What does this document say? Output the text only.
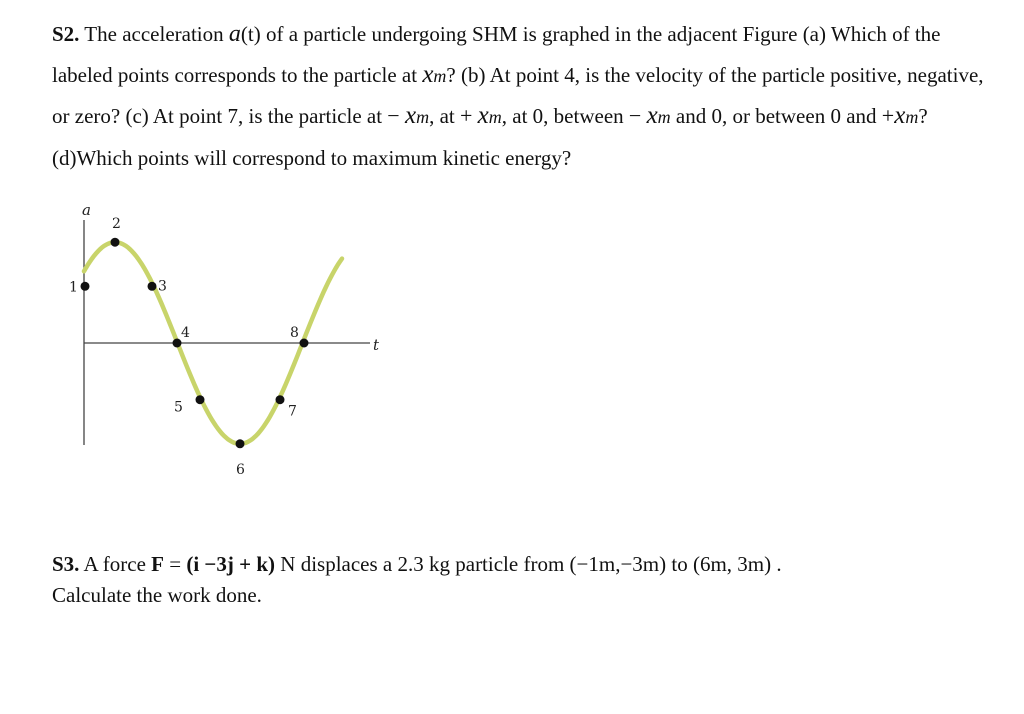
S2. The acceleration a(t) of a particle undergoing SHM is graphed in the adjacent Figure (a) Which of the labeled points corresponds to the particle at xm? (b) At point 4, is the velocity of the particle positive, negative, or zero? (c) At point 7, is the particle at − xm, at + xm, at 0, between − xm and 0, or between 0 and +xm? (d)Which points will correspond to maximum kinetic energy?
a
t
1
2
3
4
5
6
7
8
S3. A force F = (i −3j + k) N displaces a 2.3 kg particle from (−1m,−3m) to (6m, 3m) .
Calculate the work done.
